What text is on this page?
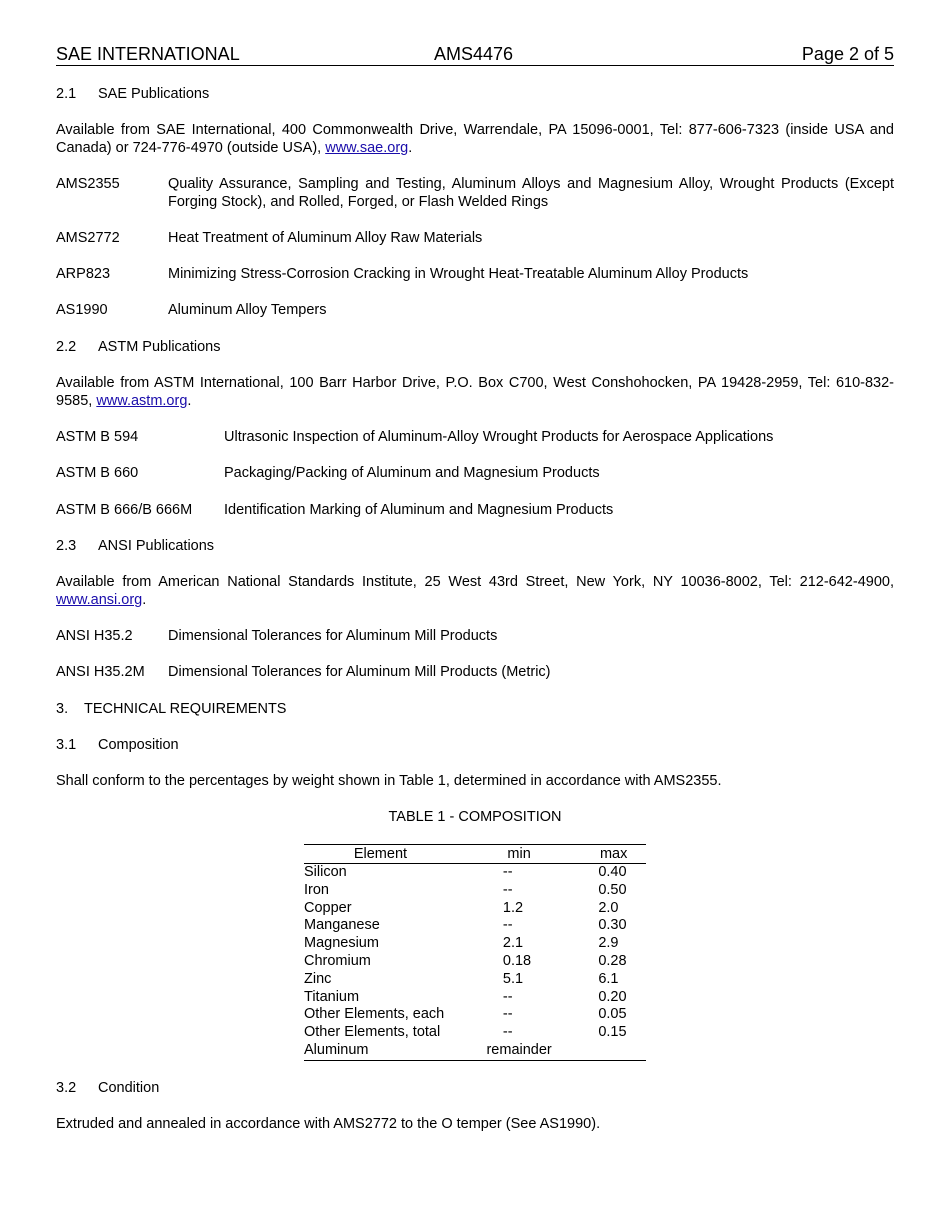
SAE INTERNATIONAL	AMS4476	Page 2 of 5
2.1 SAE Publications
Available from SAE International, 400 Commonwealth Drive, Warrendale, PA 15096-0001, Tel: 877-606-7323 (inside USA and Canada) or 724-776-4970 (outside USA), www.sae.org.
AMS2355	Quality Assurance, Sampling and Testing, Aluminum Alloys and Magnesium Alloy, Wrought Products (Except Forging Stock), and Rolled, Forged, or Flash Welded Rings
AMS2772	Heat Treatment of Aluminum Alloy Raw Materials
ARP823	Minimizing Stress-Corrosion Cracking in Wrought Heat-Treatable Aluminum Alloy Products
AS1990	Aluminum Alloy Tempers
2.2 ASTM Publications
Available from ASTM International, 100 Barr Harbor Drive, P.O. Box C700, West Conshohocken, PA 19428-2959, Tel: 610-832-9585, www.astm.org.
ASTM B 594	Ultrasonic Inspection of Aluminum-Alloy Wrought Products for Aerospace Applications
ASTM B 660	Packaging/Packing of Aluminum and Magnesium Products
ASTM B 666/B 666M Identification Marking of Aluminum and Magnesium Products
2.3 ANSI Publications
Available from American National Standards Institute, 25 West 43rd Street, New York, NY 10036-8002, Tel: 212-642-4900, www.ansi.org.
ANSI H35.2 Dimensional Tolerances for Aluminum Mill Products
ANSI H35.2M Dimensional Tolerances for Aluminum Mill Products (Metric)
3. TECHNICAL REQUIREMENTS
3.1 Composition
Shall conform to the percentages by weight shown in Table 1, determined in accordance with AMS2355.
TABLE 1 - COMPOSITION
Element	min	max
Silicon	--	0.40
Iron	--	0.50
Copper	1.2	2.0
Manganese	--	0.30
Magnesium	2.1	2.9
Chromium	0.18	0.28
Zinc	5.1	6.1
Titanium	--	0.20
Other Elements, each	--	0.05
Other Elements, total	--	0.15
Aluminum	remainder	
3.2 Condition
Extruded and annealed in accordance with AMS2772 to the O temper (See AS1990).
